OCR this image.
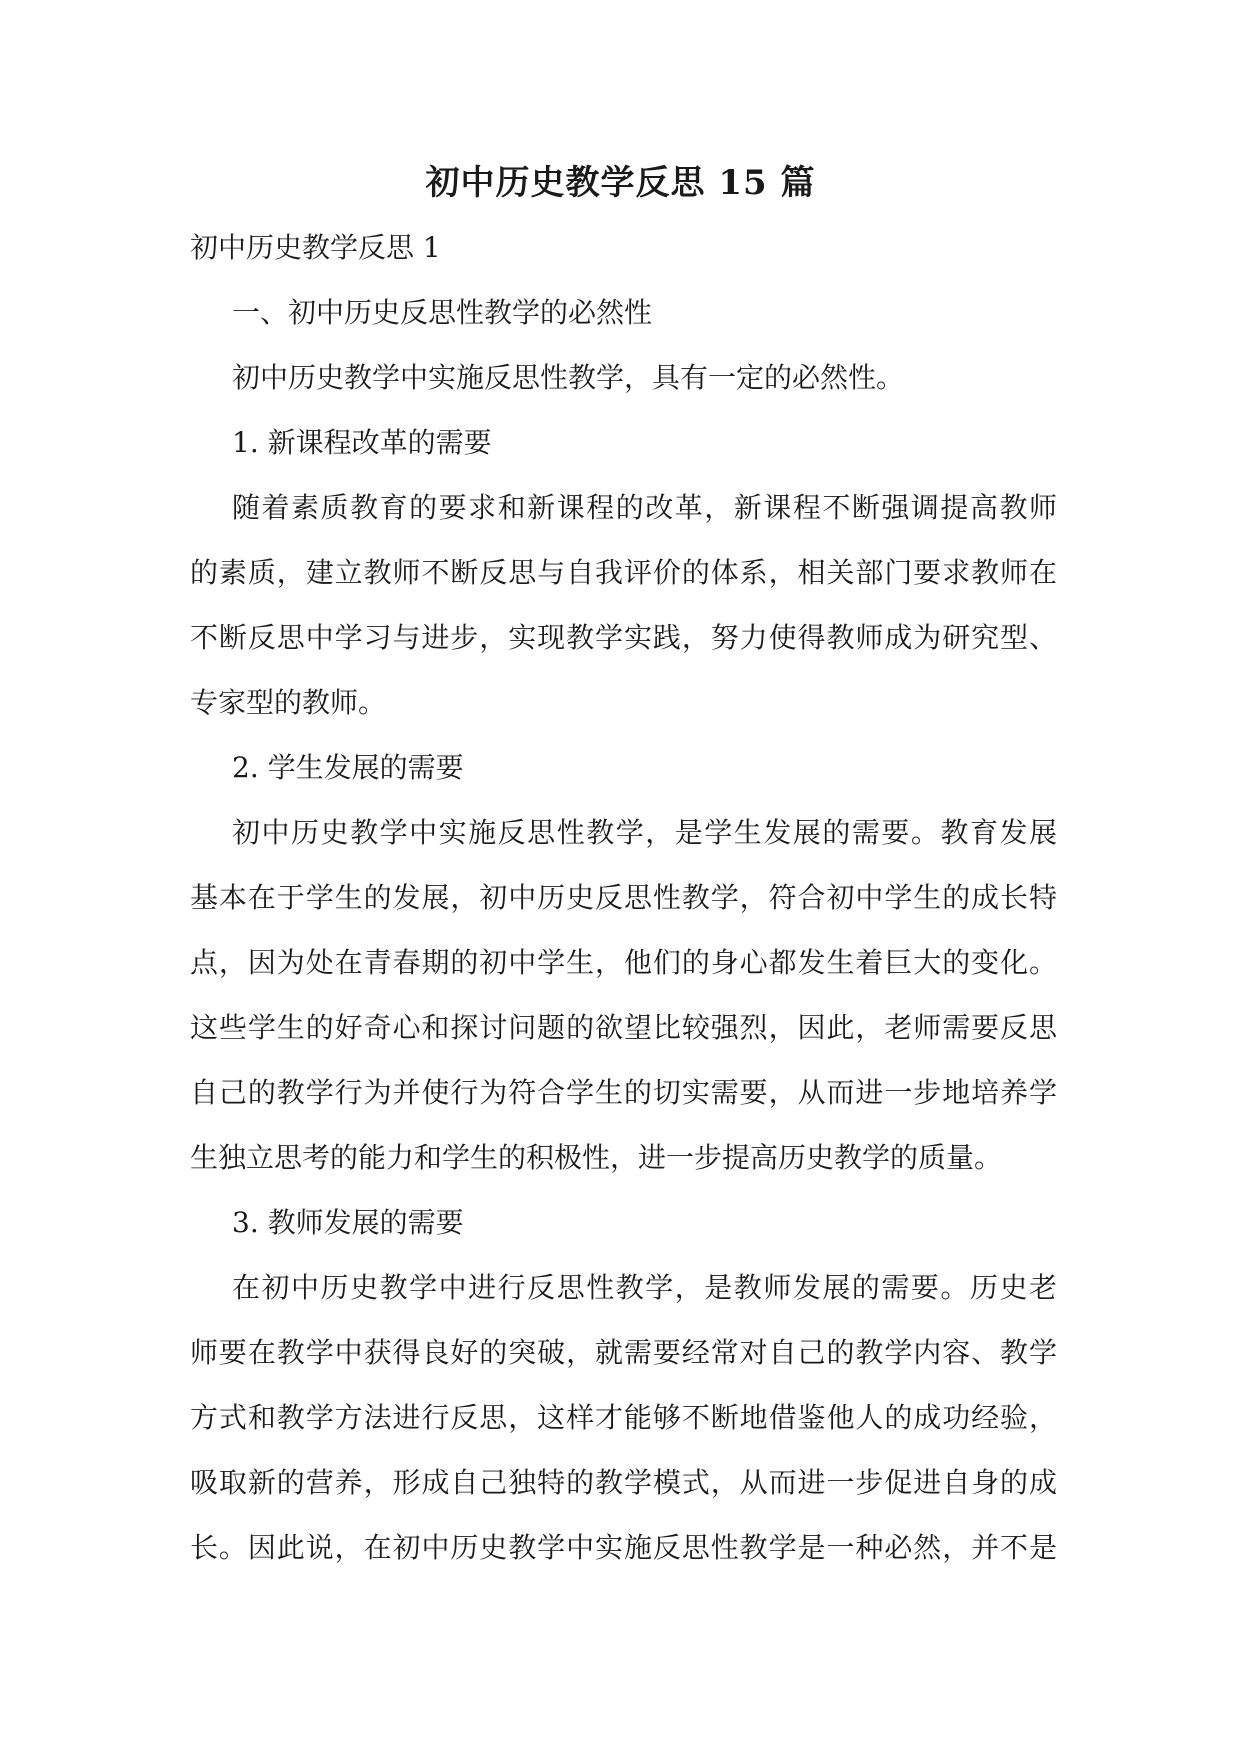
初中历史教学反思 15 篇
初中历史教学反思 1
一、初中历史反思性教学的必然性
初中历史教学中实施反思性教学，具有一定的必然性。
1. 新课程改革的需要
随着素质教育的要求和新课程的改革，新课程不断强调提高教师
的素质，建立教师不断反思与自我评价的体系，相关部门要求教师在
不断反思中学习与进步，实现教学实践，努力使得教师成为研究型、
专家型的教师。
2. 学生发展的需要
初中历史教学中实施反思性教学，是学生发展的需要。教育发展
基本在于学生的发展，初中历史反思性教学，符合初中学生的成长特
点，因为处在青春期的初中学生，他们的身心都发生着巨大的变化。
这些学生的好奇心和探讨问题的欲望比较强烈，因此，老师需要反思
自己的教学行为并使行为符合学生的切实需要，从而进一步地培养学
生独立思考的能力和学生的积极性，进一步提高历史教学的质量。
3. 教师发展的需要
在初中历史教学中进行反思性教学，是教师发展的需要。历史老
师要在教学中获得良好的突破，就需要经常对自己的教学内容、教学
方式和教学方法进行反思，这样才能够不断地借鉴他人的成功经验，
吸取新的营养，形成自己独特的教学模式，从而进一步促进自身的成
长。因此说，在初中历史教学中实施反思性教学是一种必然，并不是
